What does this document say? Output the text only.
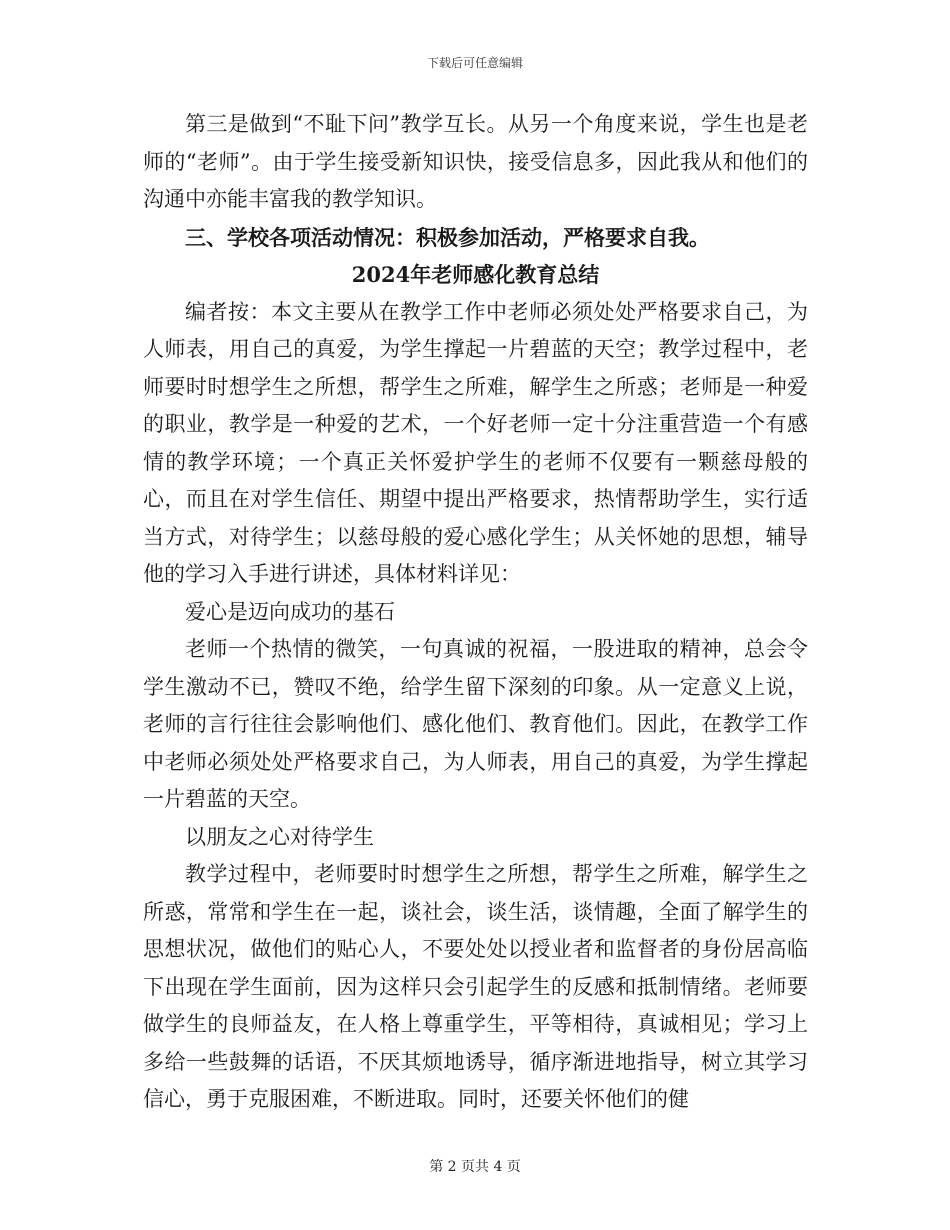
下载后可任意编辑

第三是做到“不耻下问”教学互长。从另一个角度来说，学生也是老师的“老师”。由于学生接受新知识快，接受信息多，因此我从和他们的沟通中亦能丰富我的教学知识。

三、学校各项活动情况：积极参加活动，严格要求自我。

2024年老师感化教育总结

编者按：本文主要从在教学工作中老师必须处处严格要求自己，为人师表，用自己的真爱，为学生撑起一片碧蓝的天空；教学过程中，老师要时时想学生之所想，帮学生之所难，解学生之所惑；老师是一种爱的职业，教学是一种爱的艺术，一个好老师一定十分注重营造一个有感情的教学环境；一个真正关怀爱护学生的老师不仅要有一颗慈母般的心，而且在对学生信任、期望中提出严格要求，热情帮助学生，实行适当方式，对待学生；以慈母般的爱心感化学生；从关怀她的思想，辅导他的学习入手进行讲述，具体材料详见：

爱心是迈向成功的基石

老师一个热情的微笑，一句真诚的祝福，一股进取的精神，总会令学生激动不已，赞叹不绝，给学生留下深刻的印象。从一定意义上说，老师的言行往往会影响他们、感化他们、教育他们。因此，在教学工作中老师必须处处严格要求自己，为人师表，用自己的真爱，为学生撑起一片碧蓝的天空。

以朋友之心对待学生

教学过程中，老师要时时想学生之所想，帮学生之所难，解学生之所惑，常常和学生在一起，谈社会，谈生活，谈情趣，全面了解学生的思想状况，做他们的贴心人，不要处处以授业者和监督者的身份居高临下出现在学生面前，因为这样只会引起学生的反感和抵制情绪。老师要做学生的良师益友，在人格上尊重学生，平等相待，真诚相见；学习上多给一些鼓舞的话语，不厌其烦地诱导，循序渐进地指导，树立其学习信心，勇于克服困难，不断进取。同时，还要关怀他们的健

第 2 页共 4 页
